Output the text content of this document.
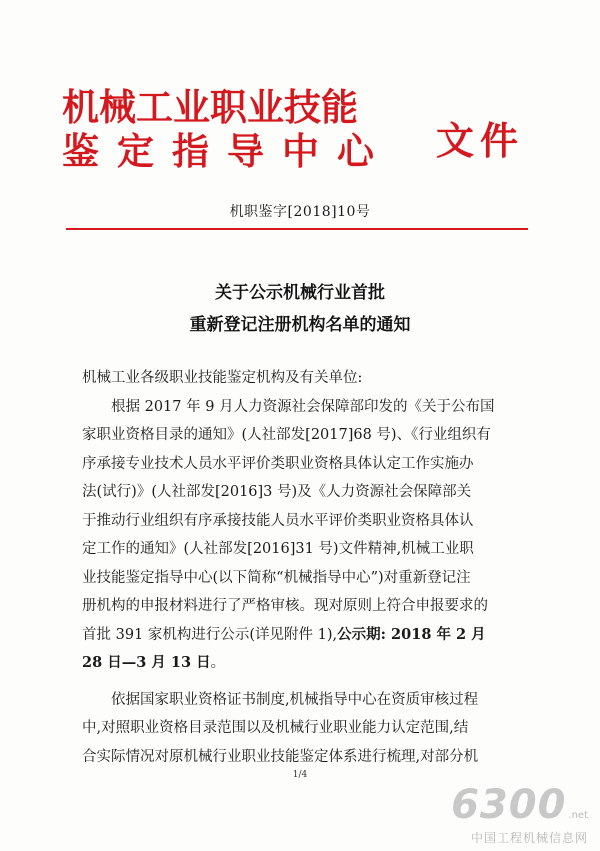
机械工业职业技能
鉴定指导中心 文件
机职鉴字[2018]10号
关于公示机械行业首批
重新登记注册机构名单的通知

机械工业各级职业技能鉴定机构及有关单位:

根据 2017 年 9 月人力资源社会保障部印发的《关于公布国

家职业资格目录的通知》(人社部发[2017]68 号)、《行业组织有

序承接专业技术人员水平评价类职业资格具体认定工作实施办

法(试行)》(人社部发[2016]3 号)及《人力资源社会保障部关

于推动行业组织有序承接技能人员水平评价类职业资格具体认

定工作的通知》(人社部发[2016]31 号)文件精神,机械工业职

业技能鉴定指导中心(以下简称“机械指导中心”)对重新登记注

册机构的申报材料进行了严格审核。现对原则上符合申报要求的

首批 391 家机构进行公示(详见附件 1),公示期: 2018 年 2 月

28 日—3 月 13 日。

依据国家职业资格证书制度,机械指导中心在资质审核过程

中,对照职业资格目录范围以及机械行业职业能力认定范围,结

合实际情况对原机械行业职业技能鉴定体系进行梳理,对部分机

1/4
6300 .net
中国工程机械信息网
